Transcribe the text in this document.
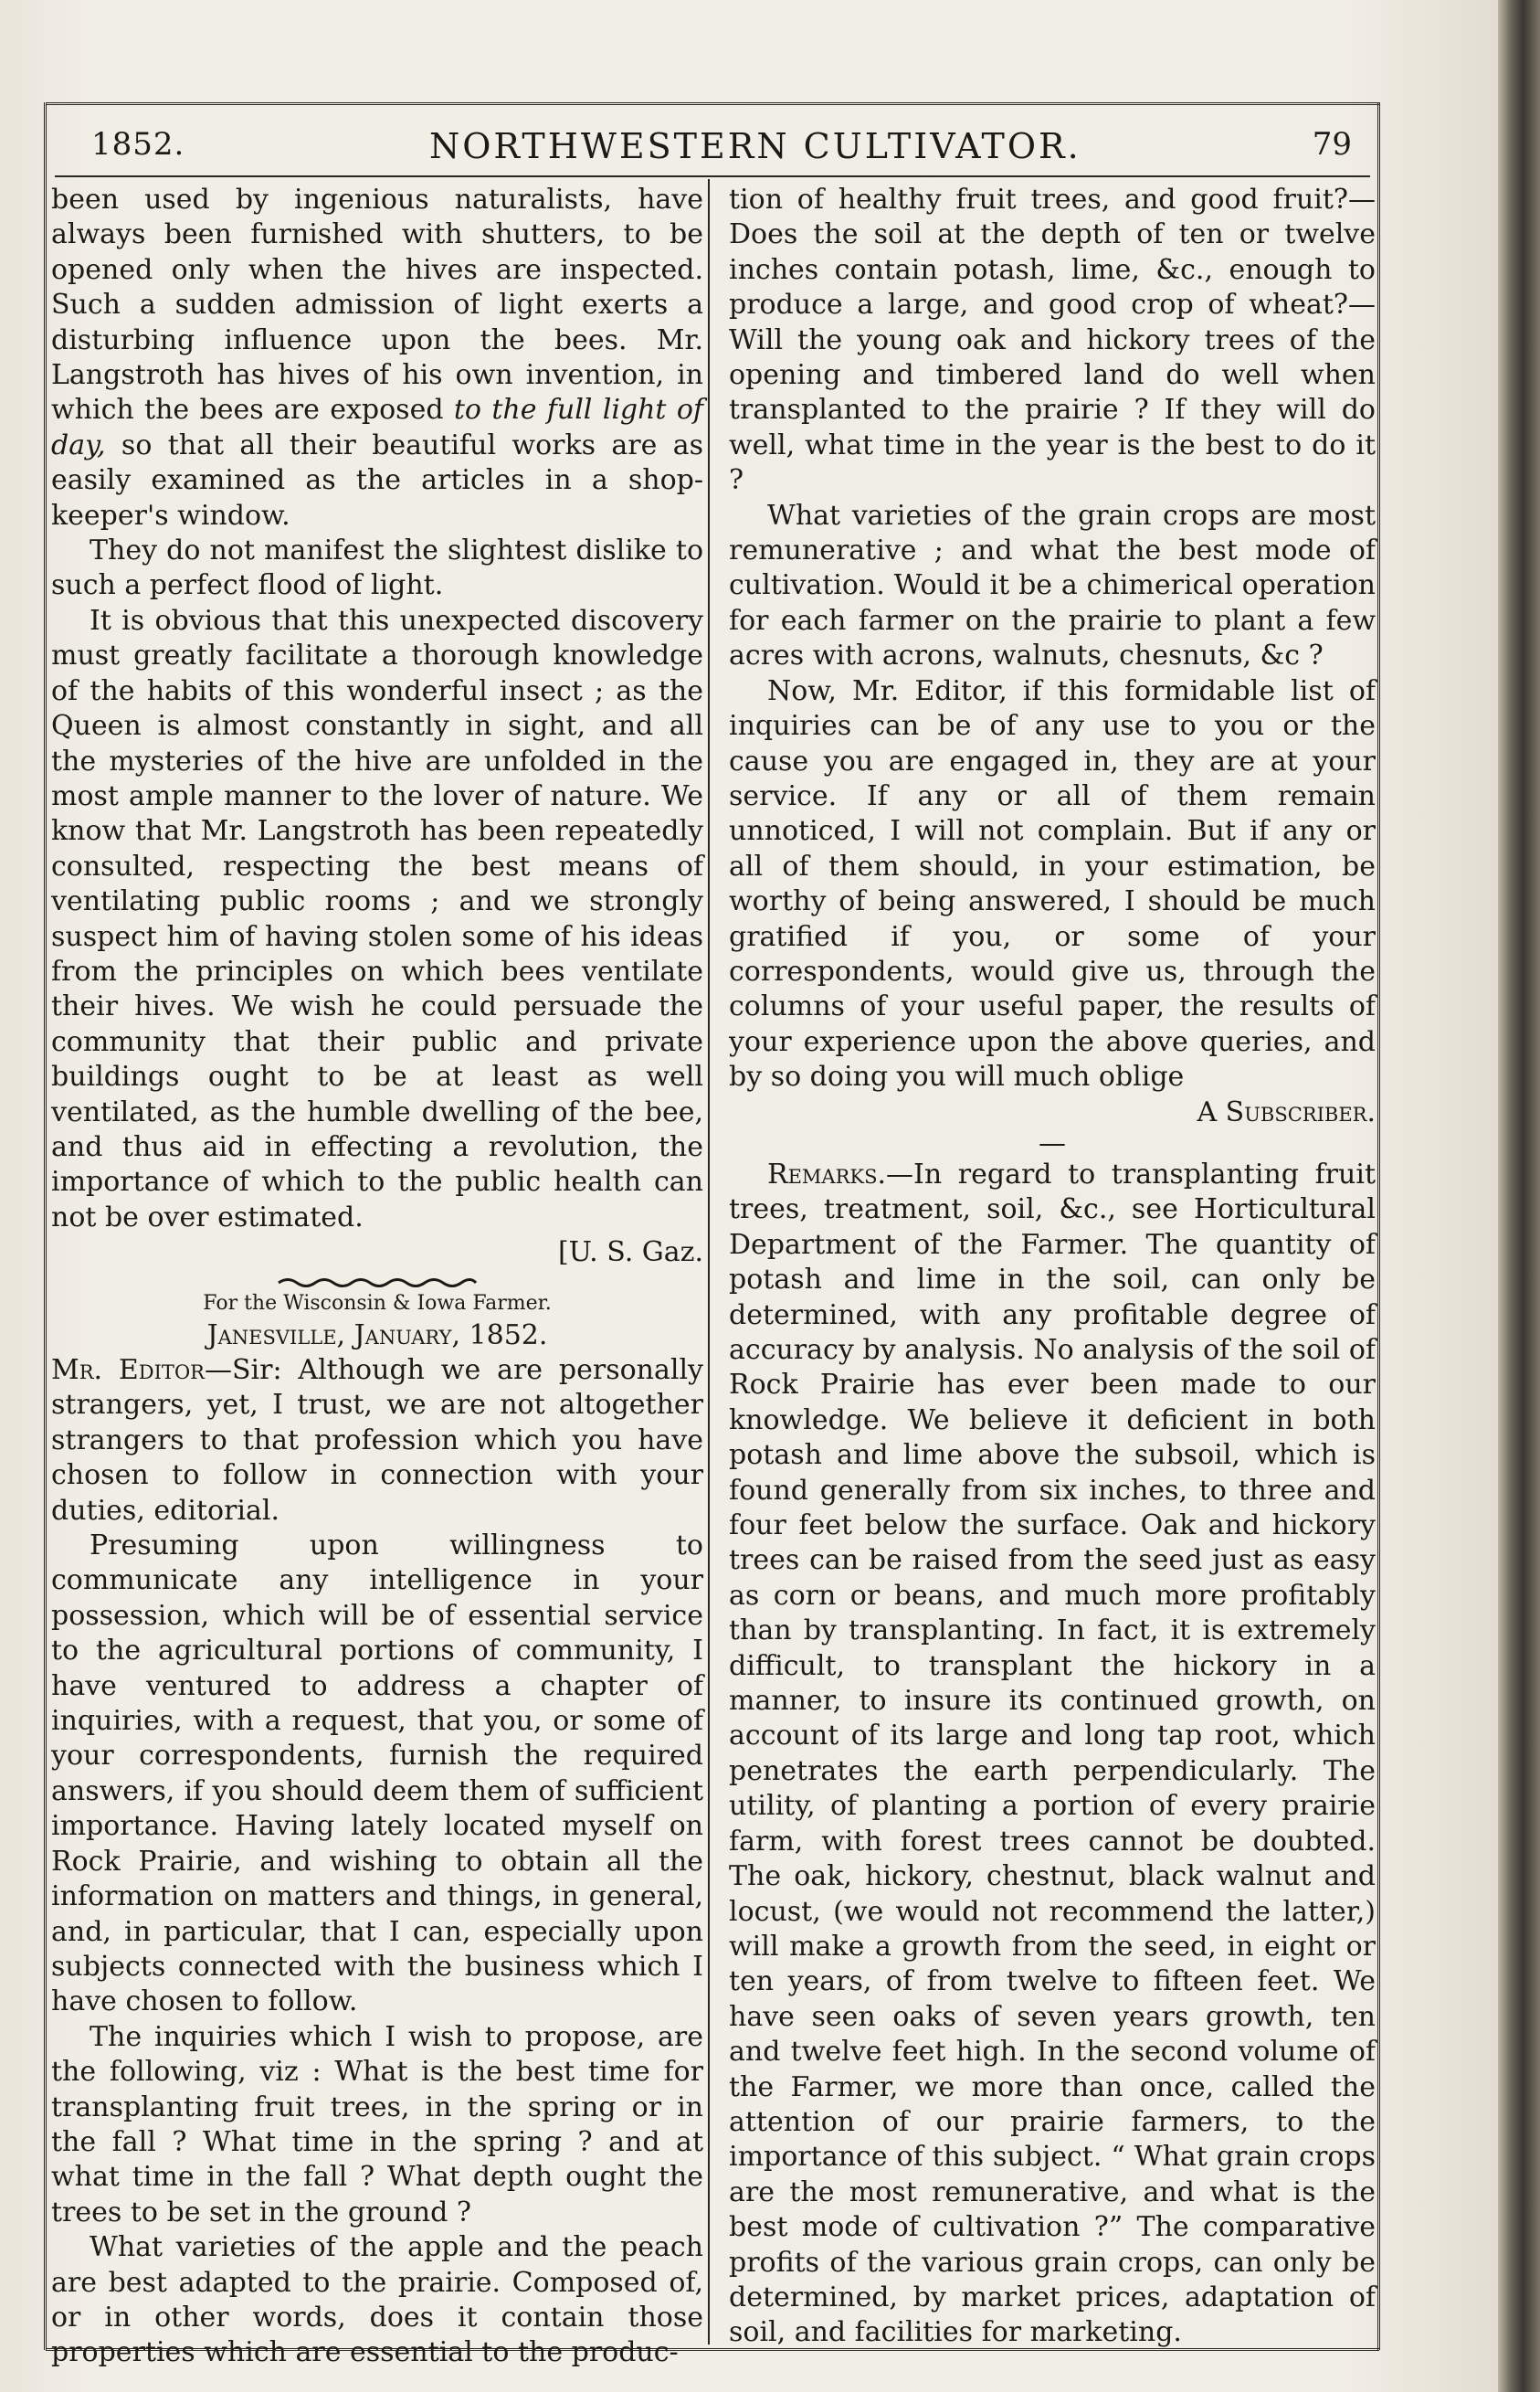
1852.	NORTHWESTERN CULTIVATOR.	79

been used by ingenious naturalists, have always been furnished with shutters, to be opened only when the hives are inspected. Such a sudden admission of light exerts a disturbing influence upon the bees. Mr. Langstroth has hives of his own invention, in which the bees are exposed to the full light of day, so that all their beautiful works are as easily examined as the articles in a shop-keeper's window.

They do not manifest the slightest dislike to such a perfect flood of light.

It is obvious that this unexpected discovery must greatly facilitate a thorough knowledge of the habits of this wonderful insect ; as the Queen is almost constantly in sight, and all the mysteries of the hive are unfolded in the most ample manner to the lover of nature. We know that Mr. Langstroth has been repeatedly consulted, respecting the best means of ventilating public rooms ; and we strongly suspect him of having stolen some of his ideas from the principles on which bees ventilate their hives. We wish he could persuade the community that their public and private buildings ought to be at least as well ventilated, as the humble dwelling of the bee, and thus aid in effecting a revolution, the importance of which to the public health can not be over estimated.

[U. S. Gaz.

For the Wisconsin & Iowa Farmer.

Janesville, January, 1852.

Mr. Editor—Sir: Although we are personally strangers, yet, I trust, we are not altogether strangers to that profession which you have chosen to follow in connection with your duties, editorial.

Presuming upon willingness to communicate any intelligence in your possession, which will be of essential service to the agricultural portions of community, I have ventured to address a chapter of inquiries, with a request, that you, or some of your correspondents, furnish the required answers, if you should deem them of sufficient importance. Having lately located myself on Rock Prairie, and wishing to obtain all the information on matters and things, in general, and, in particular, that I can, especially upon subjects connected with the business which I have chosen to follow.

The inquiries which I wish to propose, are the following, viz : What is the best time for transplanting fruit trees, in the spring or in the fall ? What time in the spring ? and at what time in the fall ? What depth ought the trees to be set in the ground ?

What varieties of the apple and the peach are best adapted to the prairie. Composed of, or in other words, does it contain those properties which are essential to the produc-

tion of healthy fruit trees, and good fruit?—Does the soil at the depth of ten or twelve inches contain potash, lime, &c., enough to produce a large, and good crop of wheat?—Will the young oak and hickory trees of the opening and timbered land do well when transplanted to the prairie ? If they will do well, what time in the year is the best to do it ?

What varieties of the grain crops are most remunerative ; and what the best mode of cultivation. Would it be a chimerical operation for each farmer on the prairie to plant a few acres with acrons, walnuts, chesnuts, &c ?

Now, Mr. Editor, if this formidable list of inquiries can be of any use to you or the cause you are engaged in, they are at your service. If any or all of them remain unnoticed, I will not complain. But if any or all of them should, in your estimation, be worthy of being answered, I should be much gratified if you, or some of your correspondents, would give us, through the columns of your useful paper, the results of your experience upon the above queries, and by so doing you will much oblige

A Subscriber.

—

Remarks.—In regard to transplanting fruit trees, treatment, soil, &c., see Horticultural Department of the Farmer. The quantity of potash and lime in the soil, can only be determined, with any profitable degree of accuracy by analysis. No analysis of the soil of Rock Prairie has ever been made to our knowledge. We believe it deficient in both potash and lime above the subsoil, which is found generally from six inches, to three and four feet below the surface. Oak and hickory trees can be raised from the seed just as easy as corn or beans, and much more profitably than by transplanting. In fact, it is extremely difficult, to transplant the hickory in a manner, to insure its continued growth, on account of its large and long tap root, which penetrates the earth perpendicularly. The utility, of planting a portion of every prairie farm, with forest trees cannot be doubted. The oak, hickory, chestnut, black walnut and locust, (we would not recommend the latter,) will make a growth from the seed, in eight or ten years, of from twelve to fifteen feet. We have seen oaks of seven years growth, ten and twelve feet high. In the second volume of the Farmer, we more than once, called the attention of our prairie farmers, to the importance of this subject. “ What grain crops are the most remunerative, and what is the best mode of cultivation ?” The comparative profits of the various grain crops, can only be determined, by market prices, adaptation of soil, and facilities for marketing.
